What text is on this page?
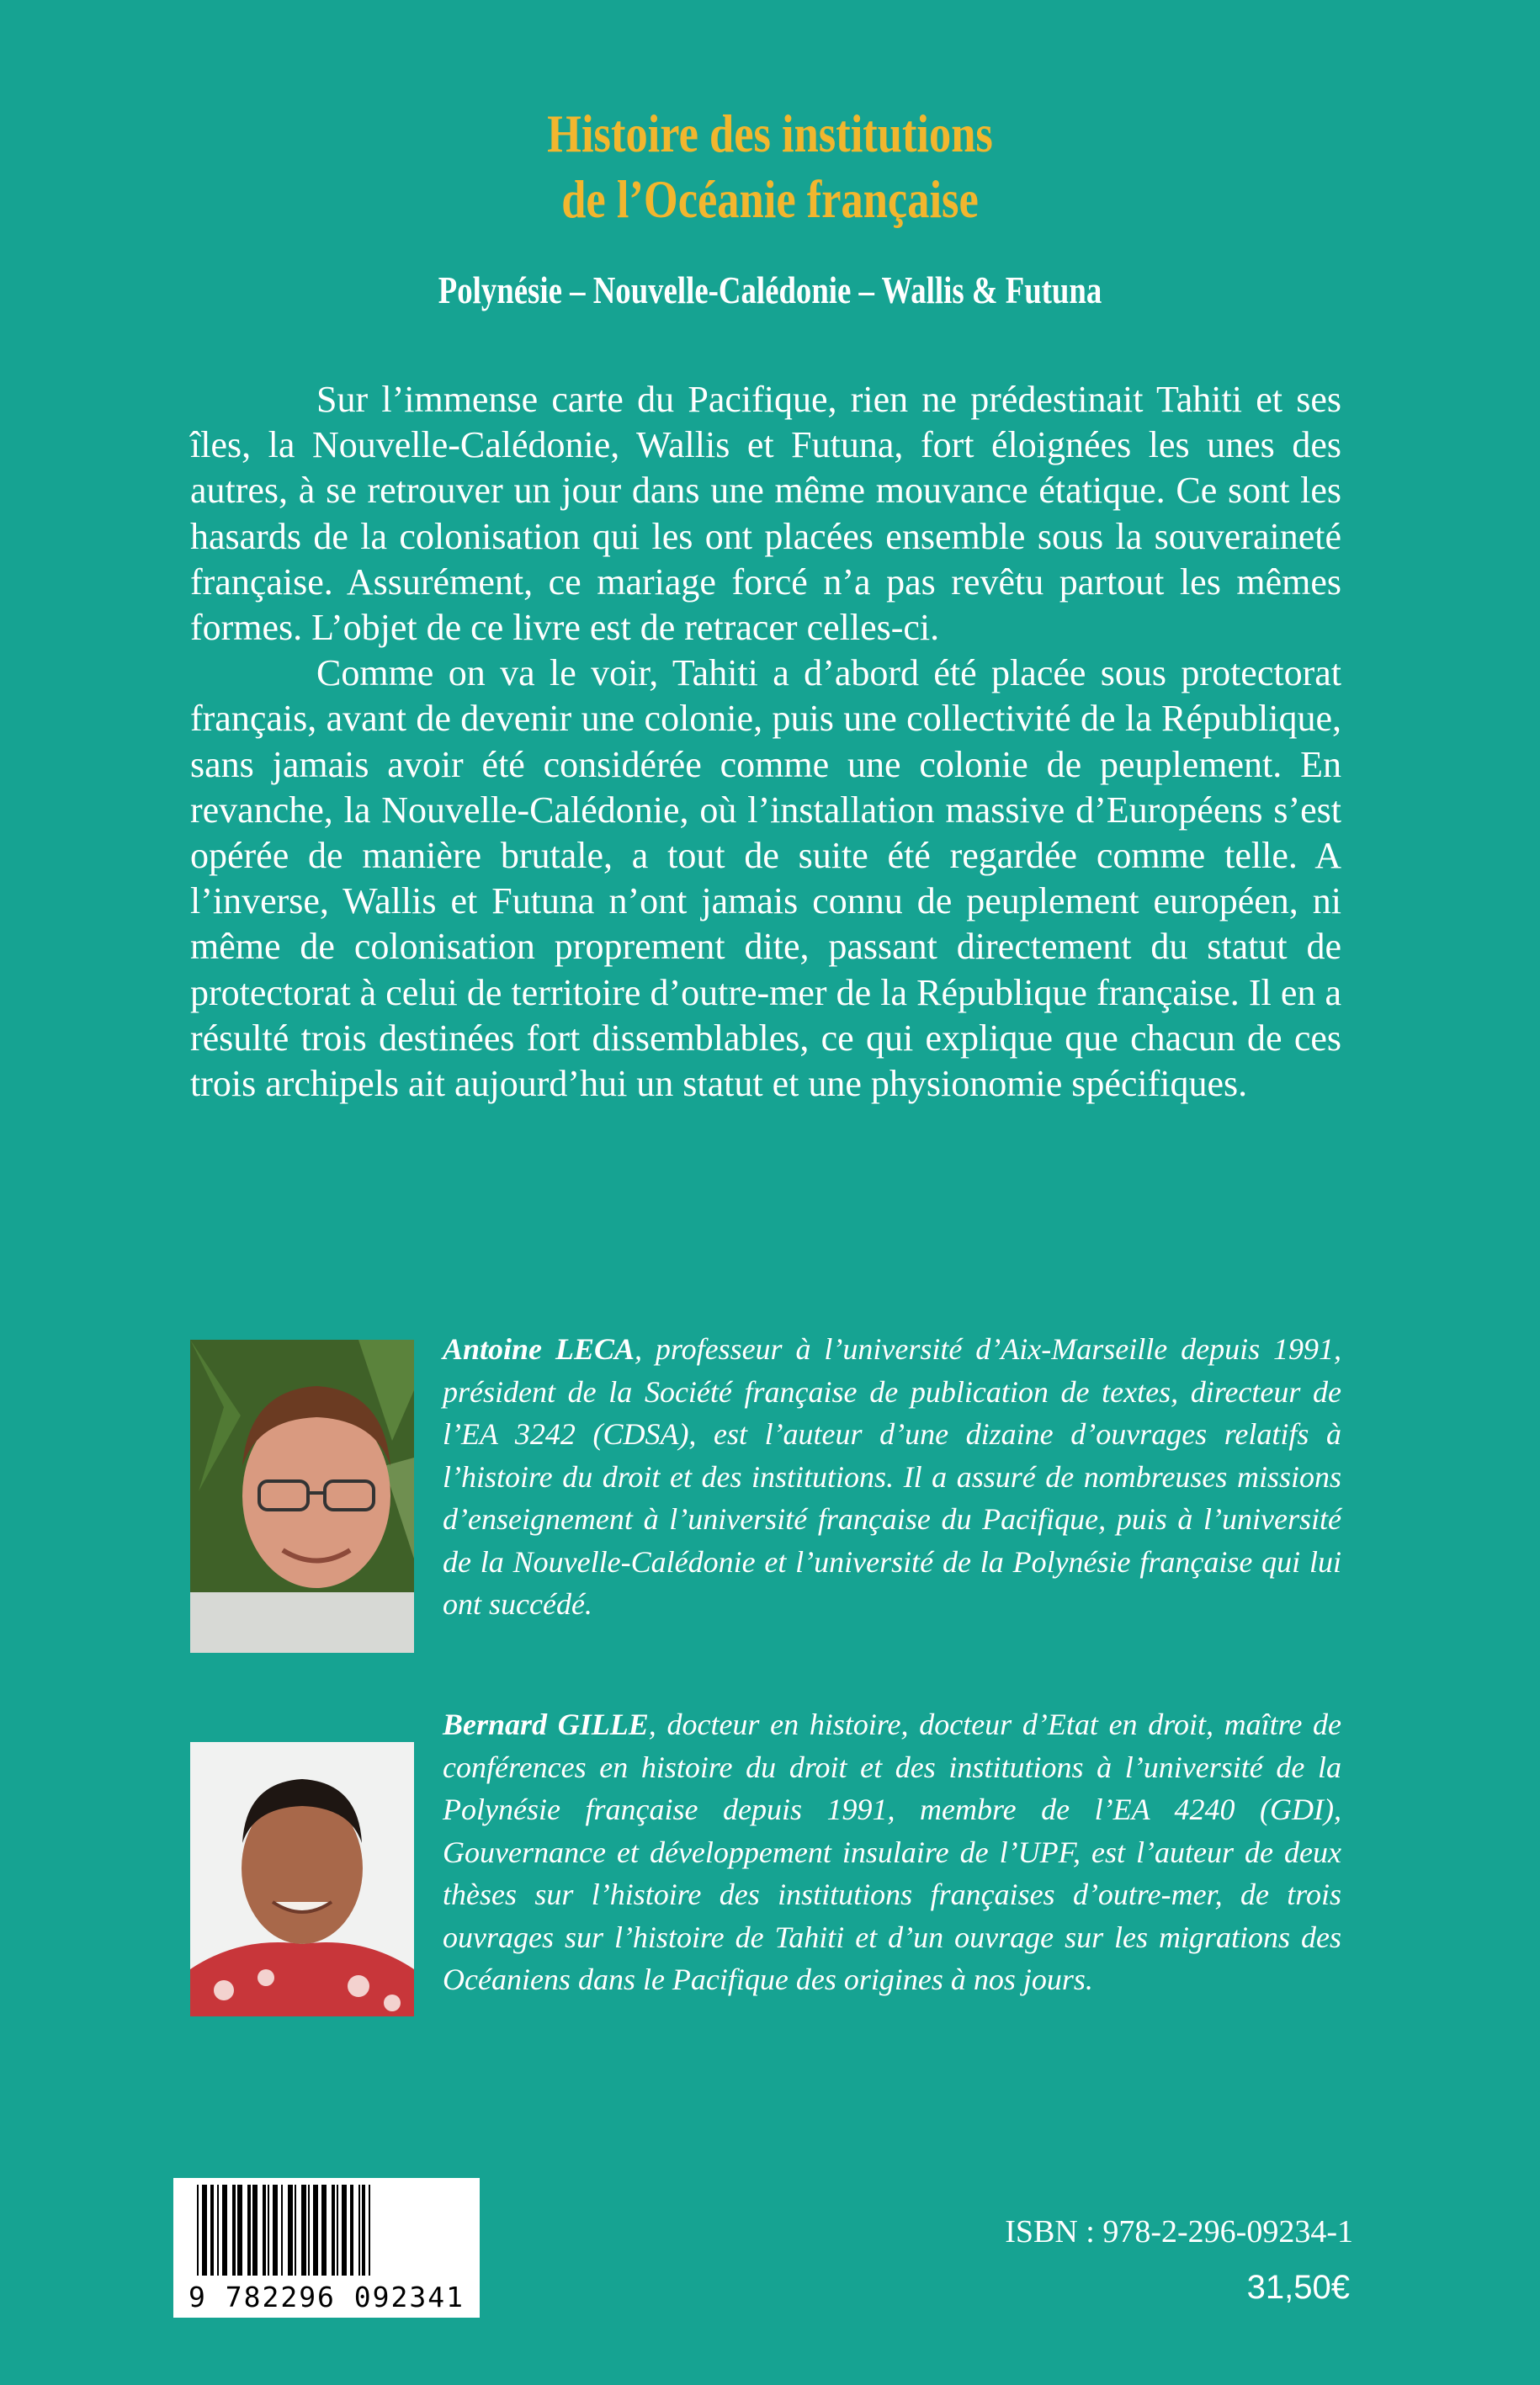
Histoire des institutions
de l’Océanie française
Polynésie – Nouvelle-Calédonie – Wallis & Futuna

Sur l’immense carte du Pacifique, rien ne prédestinait Tahiti et ses îles, la Nouvelle-Calédonie, Wallis et Futuna, fort éloignées les unes des autres, à se retrouver un jour dans une même mouvance étatique. Ce sont les hasards de la colonisation qui les ont placées ensemble sous la souveraineté française. Assurément, ce mariage forcé n’a pas revêtu partout les mêmes formes. L’objet de ce livre est de retracer celles-ci.

Comme on va le voir, Tahiti a d’abord été placée sous protectorat français, avant de devenir une colonie, puis une collectivité de la République, sans jamais avoir été considérée comme une colonie de peuplement. En revanche, la Nouvelle-Calédonie, où l’installation massive d’Européens s’est opérée de manière brutale, a tout de suite été regardée comme telle. A l’inverse, Wallis et Futuna n’ont jamais connu de peuplement européen, ni même de colonisation proprement dite, passant directement du statut de protectorat à celui de territoire d’outre-mer de la République française. Il en a résulté trois destinées fort dissemblables, ce qui explique que chacun de ces trois archipels ait aujourd’hui un statut et une physionomie spécifiques.

Antoine LECA, professeur à l’université d’Aix-Marseille depuis 1991, président de la Société française de publication de textes, directeur de l’EA 3242 (CDSA), est l’auteur d’une dizaine d’ouvrages relatifs à l’histoire du droit et des institutions. Il a assuré de nombreuses missions d’enseignement à l’université française du Pacifique, puis à l’université de la Nouvelle-Calédonie et l’université de la Polynésie française qui lui ont succédé.
Bernard GILLE, docteur en histoire, docteur d’Etat en droit, maître de conférences en histoire du droit et des institutions à l’université de la Polynésie française depuis 1991, membre de l’EA 4240 (GDI), Gouvernance et développement insulaire de l’UPF, est l’auteur de deux thèses sur l’histoire des institutions françaises d’outre-mer, de trois ouvrages sur l’histoire de Tahiti et d’un ouvrage sur les migrations des Océaniens dans le Pacifique des origines à nos jours.
9 782296 092341
ISBN : 978-2-296-09234-1
31,50€
